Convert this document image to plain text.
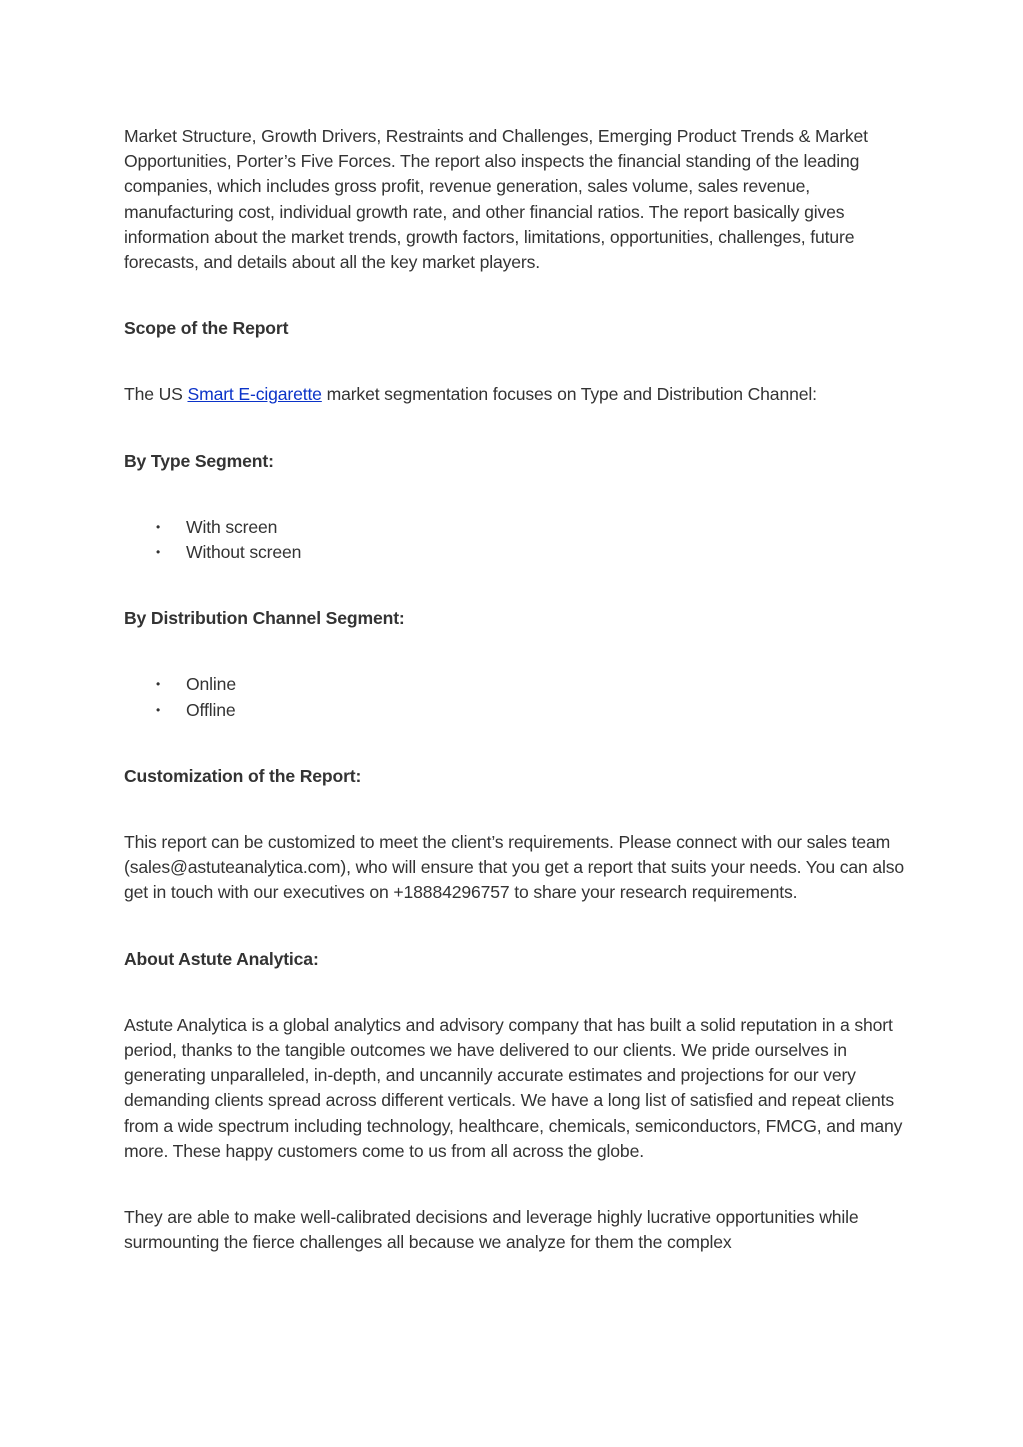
Market Structure, Growth Drivers, Restraints and Challenges, Emerging Product Trends & Market Opportunities, Porter’s Five Forces. The report also inspects the financial standing of the leading companies, which includes gross profit, revenue generation, sales volume, sales revenue, manufacturing cost, individual growth rate, and other financial ratios. The report basically gives information about the market trends, growth factors, limitations, opportunities, challenges, future forecasts, and details about all the key market players.

Scope of the Report

The US Smart E-cigarette market segmentation focuses on Type and Distribution Channel:

By Type Segment:

• With screen
• Without screen

By Distribution Channel Segment:

• Online
• Offline

Customization of the Report:

This report can be customized to meet the client’s requirements. Please connect with our sales team (sales@astuteanalytica.com), who will ensure that you get a report that suits your needs. You can also get in touch with our executives on +18884296757 to share your research requirements.

About Astute Analytica:

Astute Analytica is a global analytics and advisory company that has built a solid reputation in a short period, thanks to the tangible outcomes we have delivered to our clients. We pride ourselves in generating unparalleled, in-depth, and uncannily accurate estimates and projections for our very demanding clients spread across different verticals. We have a long list of satisfied and repeat clients from a wide spectrum including technology, healthcare, chemicals, semiconductors, FMCG, and many more. These happy customers come to us from all across the globe.

They are able to make well-calibrated decisions and leverage highly lucrative opportunities while surmounting the fierce challenges all because we analyze for them the complex
